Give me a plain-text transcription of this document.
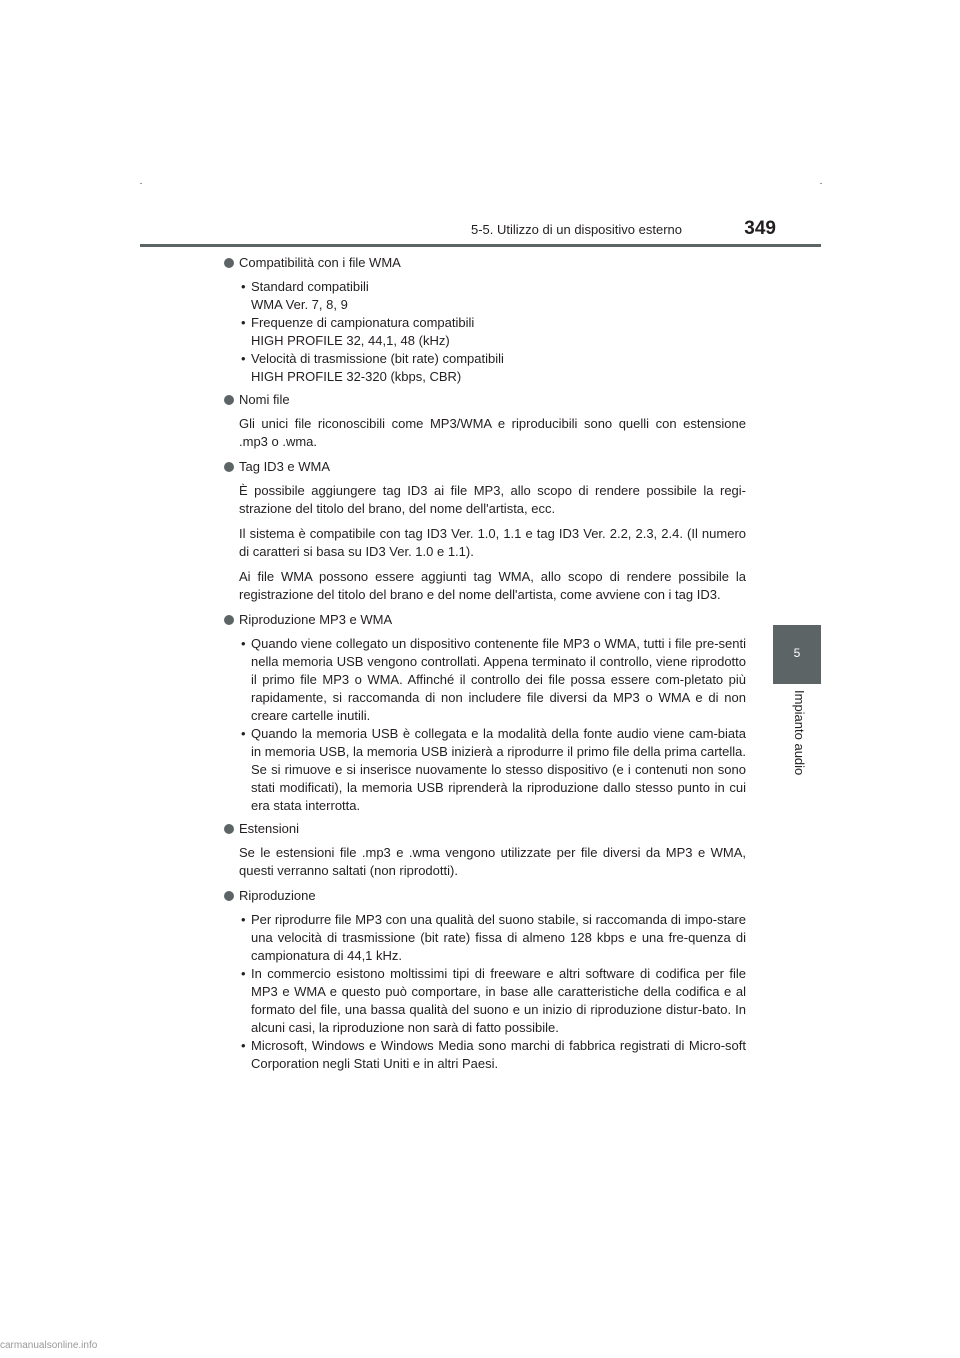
5-5. Utilizzo di un dispositivo esterno	349
5
Impianto audio
Compatibilità con i file WMA
• Standard compatibili
WMA Ver. 7, 8, 9
• Frequenze di campionatura compatibili
HIGH PROFILE 32, 44,1, 48 (kHz)
• Velocità di trasmissione (bit rate) compatibili
HIGH PROFILE 32-320 (kbps, CBR)
Nomi file

Gli unici file riconoscibili come MP3/WMA e riproducibili sono quelli con estensione .mp3 o .wma.

Tag ID3 e WMA

È possibile aggiungere tag ID3 ai file MP3, allo scopo di rendere possibile la regi-strazione del titolo del brano, del nome dell'artista, ecc.

Il sistema è compatibile con tag ID3 Ver. 1.0, 1.1 e tag ID3 Ver. 2.2, 2.3, 2.4. (Il numero di caratteri si basa su ID3 Ver. 1.0 e 1.1).

Ai file WMA possono essere aggiunti tag WMA, allo scopo di rendere possibile la registrazione del titolo del brano e del nome dell'artista, come avviene con i tag ID3.

Riproduzione MP3 e WMA
• Quando viene collegato un dispositivo contenente file MP3 o WMA, tutti i file pre-senti nella memoria USB vengono controllati. Appena terminato il controllo, viene riprodotto il primo file MP3 o WMA. Affinché il controllo dei file possa essere com-pletato più rapidamente, si raccomanda di non includere file diversi da MP3 o WMA e di non creare cartelle inutili.
• Quando la memoria USB è collegata e la modalità della fonte audio viene cam-biata in memoria USB, la memoria USB inizierà a riprodurre il primo file della prima cartella. Se si rimuove e si inserisce nuovamente lo stesso dispositivo (e i contenuti non sono stati modificati), la memoria USB riprenderà la riproduzione dallo stesso punto in cui era stata interrotta.
Estensioni

Se le estensioni file .mp3 e .wma vengono utilizzate per file diversi da MP3 e WMA, questi verranno saltati (non riprodotti).

Riproduzione
• Per riprodurre file MP3 con una qualità del suono stabile, si raccomanda di impo-stare una velocità di trasmissione (bit rate) fissa di almeno 128 kbps e una fre-quenza di campionatura di 44,1 kHz.
• In commercio esistono moltissimi tipi di freeware e altri software di codifica per file MP3 e WMA e questo può comportare, in base alle caratteristiche della codifica e al formato del file, una bassa qualità del suono e un inizio di riproduzione distur-bato. In alcuni casi, la riproduzione non sarà di fatto possibile.
• Microsoft, Windows e Windows Media sono marchi di fabbrica registrati di Micro-soft Corporation negli Stati Uniti e in altri Paesi.
carmanualsonline.info
